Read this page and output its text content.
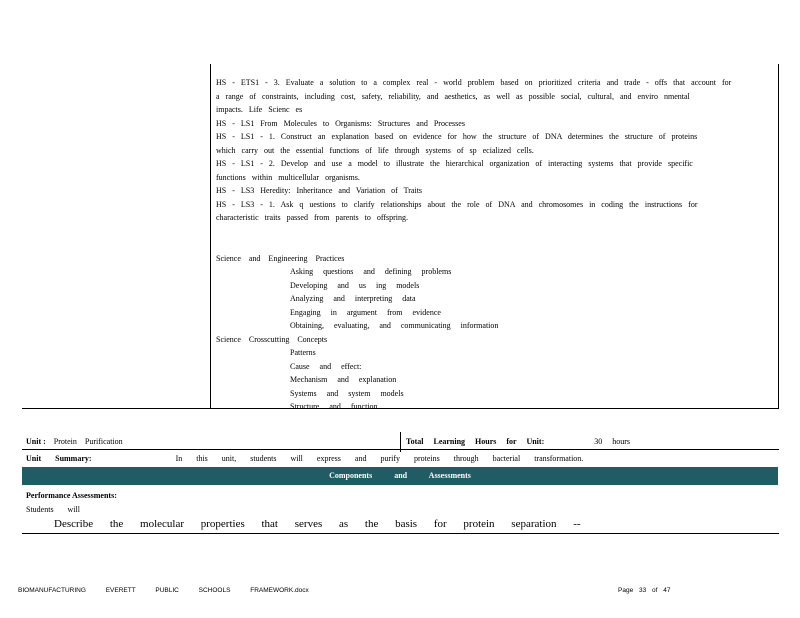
HS - ETS1 - 3. Evaluate a solution to a complex real - world problem based on prioritized criteria and trade - offs that account for
a range of constraints, including cost, safety, reliability, and aesthetics, as well as possible social, cultural, and enviro nmental
impacts. Life Scienc es
HS - LS1 From Molecules to Organisms: Structures and Processes
HS - LS1 - 1. Construct an explanation based on evidence for how the structure of DNA determines the structure of proteins
which carry out the essential functions of life through systems of sp ecialized cells.
HS - LS1 - 2. Develop and use a model to illustrate the hierarchical organization of interacting systems that provide specific
functions within multicellular organisms.
HS - LS3 Heredity: Inheritance and Variation of Traits
HS - LS3 - 1. Ask q uestions to clarify relationships about the role of DNA and chromosomes in coding the instructions for
characteristic traits passed from parents to offspring.
Science and Engineering Practices
Asking questions and defining problems
Developing and us ing models
Analyzing and interpreting data
Engaging in argument from evidence
Obtaining, evaluating, and communicating information
Science Crosscutting Concepts
Patterns
Cause and effect:
Mechanism and explanation
Systems and system models
Structure and function
Unit : Protein Purification	Total Learning Hours for Unit:	30 hours
Unit Summary:	In this unit, students will express and purify proteins through bacterial transformation.
Components and Assessments
Performance Assessments:
Students will
Describe the molecular properties that serves as the basis for protein separation --
BIOMANUFACTURING EVERETT PUBLIC SCHOOLS FRAMEWORK.docx	Page 33 of 47
